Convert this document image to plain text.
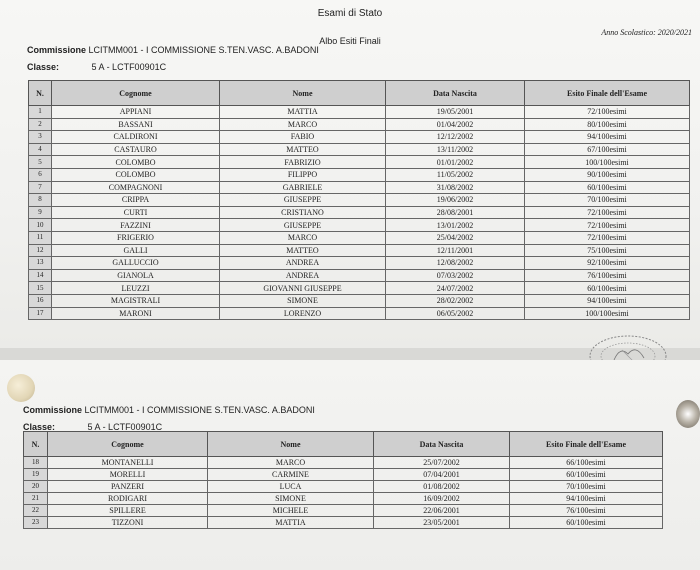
Esami di Stato
Anno Scolastico: 2020/2021
Albo Esiti Finali
Commissione LCITMM001 - I COMMISSIONE S.TEN.VASC. A.BADONI
Classe:	5 A - LCTF00901C
N.	Cognome	Nome	Data Nascita	Esito Finale dell'Esame
1	APPIANI	MATTIA	19/05/2001	72/100esimi
2	BASSANI	MARCO	01/04/2002	80/100esimi
3	CALDIRONI	FABIO	12/12/2002	94/100esimi
4	CASTAURO	MATTEO	13/11/2002	67/100esimi
5	COLOMBO	FABRIZIO	01/01/2002	100/100esimi
6	COLOMBO	FILIPPO	11/05/2002	90/100esimi
7	COMPAGNONI	GABRIELE	31/08/2002	60/100esimi
8	CRIPPA	GIUSEPPE	19/06/2002	70/100esimi
9	CURTI	CRISTIANO	28/08/2001	72/100esimi
10	FAZZINI	GIUSEPPE	13/01/2002	72/100esimi
11	FRIGERIO	MARCO	25/04/2002	72/100esimi
12	GALLI	MATTEO	12/11/2001	75/100esimi
13	GALLUCCIO	ANDREA	12/08/2002	92/100esimi
14	GIANOLA	ANDREA	07/03/2002	76/100esimi
15	LEUZZI	GIOVANNI GIUSEPPE	24/07/2002	60/100esimi
16	MAGISTRALI	SIMONE	28/02/2002	94/100esimi
17	MARONI	LORENZO	06/05/2002	100/100esimi
Commissione LCITMM001 - I COMMISSIONE S.TEN.VASC. A.BADONI
Classe:	5 A - LCTF00901C
N.	Cognome	Nome	Data Nascita	Esito Finale dell'Esame
18	MONTANELLI	MARCO	25/07/2002	66/100esimi
19	MORELLI	CARMINE	07/04/2001	60/100esimi
20	PANZERI	LUCA	01/08/2002	70/100esimi
21	RODIGARI	SIMONE	16/09/2002	94/100esimi
22	SPILLERE	MICHELE	22/06/2001	76/100esimi
23	TIZZONI	MATTIA	23/05/2001	60/100esimi
